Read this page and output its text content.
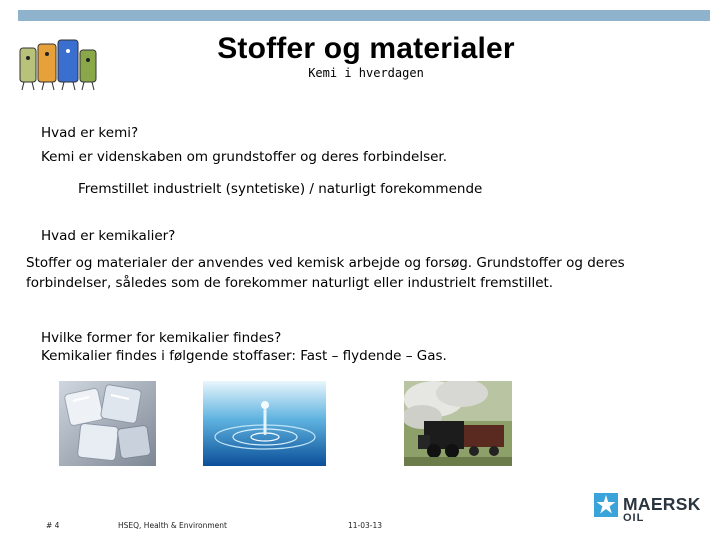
Stoffer og materialer
Kemi i hverdagen
Hvad er kemi?
Kemi er videnskaben om grundstoffer og deres forbindelser.
Fremstillet industrielt (syntetiske) / naturligt forekommende
Hvad er kemikalier?
Stoffer og materialer der anvendes ved kemisk arbejde og forsøg. Grundstoffer og deres forbindelser, således som de forekommer naturligt eller industrielt fremstillet.
Hvilke former for kemikalier findes?
Kemikalier findes i følgende stoffaser: Fast – flydende – Gas.
# 4	HSEQ, Health & Environment	11-03-13
MAERSK
OIL
